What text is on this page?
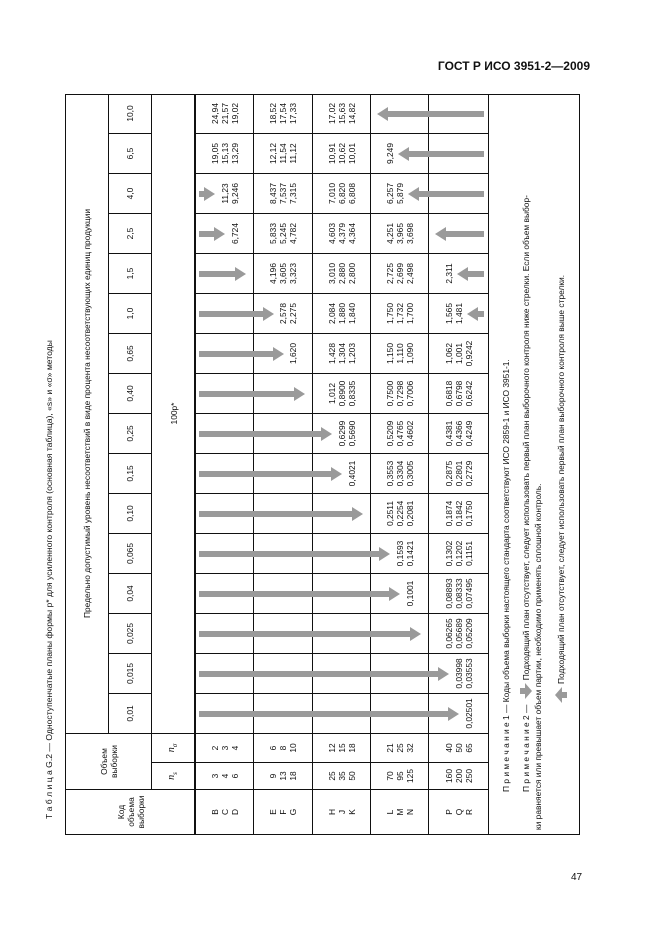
ГОСТ Р ИСО 3951-2—2009
47
Т а б л и ц а G.2 — Одноступенчатые планы формы p* для усиленного контроля (основная таблица), «s» и «σ» методы	Код объема выборки
Объем выборки	$n_s$
$n_\sigma$
Предельно допустимый уровень несоответствий в виде процента несоответствующих единиц продукции
0,01
0,015
0,025
0,04
0,065
0,10
0,15
0,25
0,40
0,65
1,0
1,5
2,5
4,0
6,5
10,0
100p*
B C D
3 4 6
2 3 4
6,724
11,23 9,246
19,05 15,13 13,29
24,94 21,57 19,02
E F G
9 13 18
6 8 10
1,620
2,578 2,275
4,196 3,605 3,323
5,833 5,245 4,782
8,437 7,537 7,315
12,12 11,54 11,12
18,52 17,54 17,33
H J K
25 35 50
12 15 18
0,4021
0,6299 0,5690
1,012 0,8900 0,8335
1,428 1,304 1,203
2,084 1,880 1,840
3,010 2,880 2,800
4,603 4,379 4,364
7,010 6,820 6,808
10,91 10,62 10,01
17,02 15,63 14,82
L M N
70 95 125
21 25 32
0,1001
0,1593 0,1421
0,2511 0,2254 0,2081
0,3553 0,3304 0,3005
0,5209 0,4765 0,4602
0,7500 0,7298 0,7006
1,150 1,110 1,090
1,750 1,732 1,700
2,725 2,699 2,498
4,251 3,965 3,698
6,257 5,879
9,249
P Q R
160 200 250
40 50 65
0,02501
0,03998 0,03553
0,06265 0,05689 0,05209
0,08893 0,08333 0,07495
0,1302 0,1202 0,1151
0,1874 0,1842 0,1750
0,2875 0,2801 0,2729
0,4381 0,4366 0,4249
0,6818 0,6798 0,6242
1,062 1,001 0,9242
1,565 1,481
2,311
П р и м е ч а н и е 1 — Коды объема выборки настоящего стандарта соответствуют ИСО 2859-1 и ИСО 3951-1.
П р и м е ч а н и е 2 — Подходящий план отсутствует, следует использовать первый план выборочного контроля ниже стрелки. Если объем выбор- ки равняется или превышает объем партии, необходимо применять сплошной контроль. Подходящий план отсутствует, следует использовать первый план выборочного контроля выше стрелки.
